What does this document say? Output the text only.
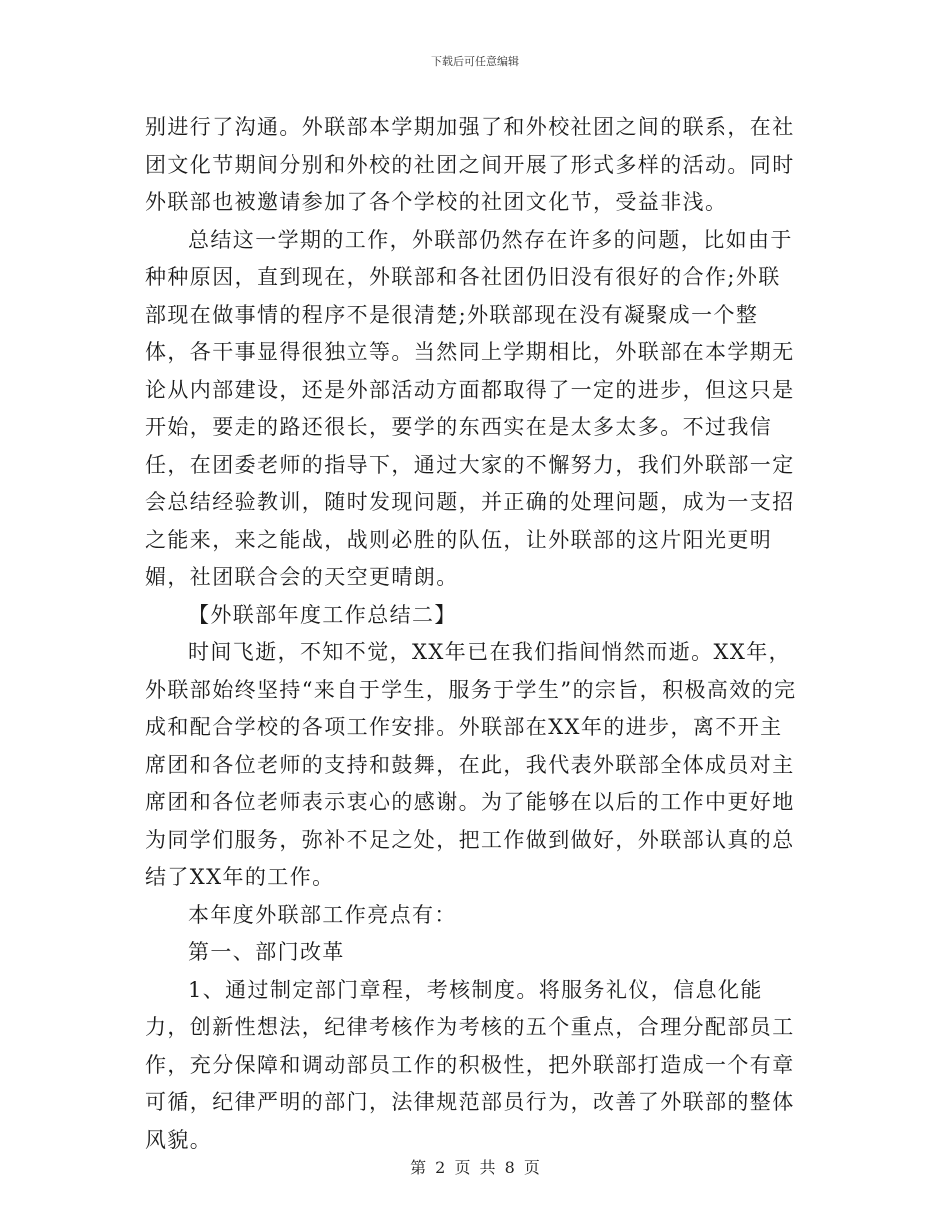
下载后可任意编辑

别进行了沟通。外联部本学期加强了和外校社团之间的联系，在社团文化节期间分别和外校的社团之间开展了形式多样的活动。同时外联部也被邀请参加了各个学校的社团文化节，受益非浅。

总结这一学期的工作，外联部仍然存在许多的问题，比如由于种种原因，直到现在，外联部和各社团仍旧没有很好的合作;外联部现在做事情的程序不是很清楚;外联部现在没有凝聚成一个整体，各干事显得很独立等。当然同上学期相比，外联部在本学期无论从内部建设，还是外部活动方面都取得了一定的进步，但这只是开始，要走的路还很长，要学的东西实在是太多太多。不过我信任，在团委老师的指导下，通过大家的不懈努力，我们外联部一定会总结经验教训，随时发现问题，并正确的处理问题，成为一支招之能来，来之能战，战则必胜的队伍，让外联部的这片阳光更明媚，社团联合会的天空更晴朗。

【外联部年度工作总结二】

时间飞逝，不知不觉，XX年已在我们指间悄然而逝。XX年，外联部始终坚持“来自于学生，服务于学生”的宗旨，积极高效的完成和配合学校的各项工作安排。外联部在XX年的进步，离不开主席团和各位老师的支持和鼓舞，在此，我代表外联部全体成员对主席团和各位老师表示衷心的感谢。为了能够在以后的工作中更好地为同学们服务，弥补不足之处，把工作做到做好，外联部认真的总结了XX年的工作。

本年度外联部工作亮点有：

第一、部门改革

1、通过制定部门章程，考核制度。将服务礼仪，信息化能力，创新性想法，纪律考核作为考核的五个重点，合理分配部员工作，充分保障和调动部员工作的积极性，把外联部打造成一个有章可循，纪律严明的部门，法律规范部员行为，改善了外联部的整体风貌。

第 2 页 共 8 页
